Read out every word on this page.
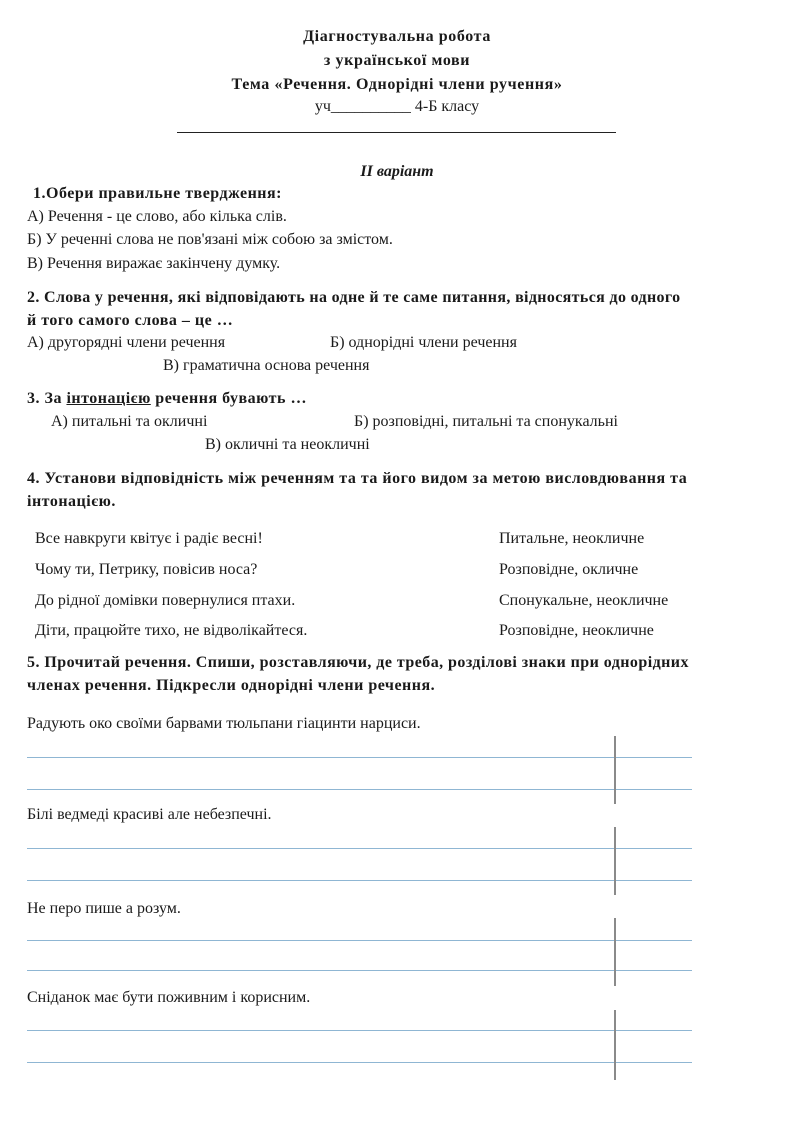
Діагностувальна робота
з української мови
Тема «Речення. Однорідні члени ручення»
уч__________ 4-Б класу
II варіант
1.Обери правильне твердження:
А) Речення - це слово, або кілька слів.
Б) У реченні слова не пов'язані між собою за змістом.
В) Речення виражає закінчену думку.
2. Слова у речення, які відповідають на одне й те саме питання, відносяться до одного
й того самого слова – це …
А) другорядні члени речення	Б) однорідні члени речення
В) граматична основа речення
3. За інтонацією речення бувають …
А) питальні та окличні	Б) розповідні, питальні та спонукальні
В) окличні та неокличні
4. Установи відповідність між реченням та та його видом за метою висловдювання та
інтонацією.
Все навкруги квітує і радіє весні!
Чому ти, Петрику, повісив носа?
До рідної домівки повернулися птахи.
Діти, працюйте тихо, не відволікайтеся.
Питальне, неокличне
Розповідне, окличне
Спонукальне, неокличне
Розповідне, неокличне
5. Прочитай речення. Спиши, розставляючи, де треба, розділові знаки при однорідних
членах речення. Підкресли однорідні члени речення.
Радують око своїми барвами тюльпани гіацинти нарциси.
Білі ведмеді красиві але небезпечні.
Не перо пише а розум.
Сніданок має бути поживним і корисним.
